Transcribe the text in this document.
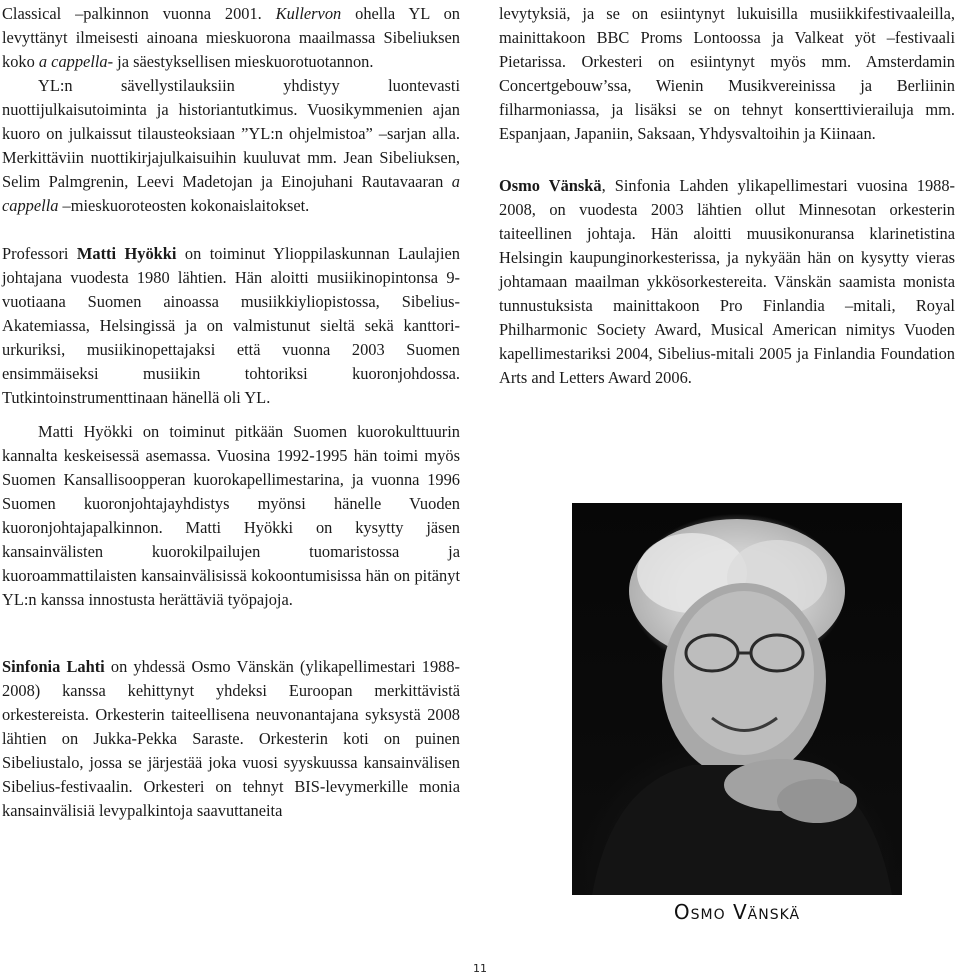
Classical –palkinnon vuonna 2001. Kullervon ohella YL on levyttänyt ilmeisesti ainoana mieskuorona maailmassa Sibeliuksen koko a cappella- ja säestyksellisen mieskuorotuotannon.

YL:n sävellystilauksiin yhdistyy luontevasti nuottijulkaisutoiminta ja historiantutkimus. Vuosikymmenien ajan kuoro on julkaissut tilausteoksiaan ”YL:n ohjelmistoa” –sarjan alla. Merkittäviin nuottikirjajulkaisuihin kuuluvat mm. Jean Sibeliuksen, Selim Palmgrenin, Leevi Madetojan ja Einojuhani Rautavaaran a cappella –mieskuoroteosten kokonaislaitokset.

Professori Matti Hyökki on toiminut Ylioppilaskunnan Laulajien johtajana vuodesta 1980 lähtien. Hän aloitti musiikinopintonsa 9-vuotiaana Suomen ainoassa musiikkiyliopistossa, Sibelius-Akatemiassa, Helsingissä ja on valmistunut sieltä sekä kanttori-urkuriksi, musiikinopettajaksi että vuonna 2003 Suomen ensimmäiseksi musiikin tohtoriksi kuoronjohdossa. Tutkintoinstrumenttinaan hänellä oli YL.

Matti Hyökki on toiminut pitkään Suomen kuorokulttuurin kannalta keskeisessä asemassa. Vuosina 1992-1995 hän toimi myös Suomen Kansallisoopperan kuorokapellimestarina, ja vuonna 1996 Suomen kuoronjohtajayhdistys myönsi hänelle Vuoden kuoronjohtajapalkinnon. Matti Hyökki on kysytty jäsen kansainvälisten kuorokilpailujen tuomaristossa ja kuoroammattilaisten kansainvälisissä kokoontumisissa hän on pitänyt YL:n kanssa innostusta herättäviä työpajoja.

Sinfonia Lahti on yhdessä Osmo Vänskän (ylikapellimestari 1988-2008) kanssa kehittynyt yhdeksi Euroopan merkittävistä orkestereista. Orkesterin taiteellisena neuvonantajana syksystä 2008 lähtien on Jukka-Pekka Saraste. Orkesterin koti on puinen Sibeliustalo, jossa se järjestää joka vuosi syyskuussa kansainvälisen Sibelius-festivaalin. Orkesteri on tehnyt BIS-levymerkille monia kansainvälisiä levypalkintoja saavuttaneita

levytyksiä, ja se on esiintynyt lukuisilla musiikkifestivaaleilla, mainittakoon BBC Proms Lontoossa ja Valkeat yöt –festivaali Pietarissa. Orkesteri on esiintynyt myös mm. Amsterdamin Concertgebouw’ssa, Wienin Musikvereinissa ja Berliinin filharmoniassa, ja lisäksi se on tehnyt konserttivierailuja mm. Espanjaan, Japaniin, Saksaan, Yhdysvaltoihin ja Kiinaan.

Osmo Vänskä, Sinfonia Lahden ylikapellimestari vuosina 1988-2008, on vuodesta 2003 lähtien ollut Minnesotan orkesterin taiteellinen johtaja. Hän aloitti muusikonuransa klarinetistina Helsingin kaupunginorkesterissa, ja nykyään hän on kysytty vieras johtamaan maailman ykkösorkestereita. Vänskän saamista monista tunnustuksista mainittakoon Pro Finlandia –mitali, Royal Philharmonic Society Award, Musical American nimitys Vuoden kapellimestariksi 2004, Sibelius-mitali 2005 ja Finlandia Foundation Arts and Letters Award 2006.

Osmo Vänskä
11
